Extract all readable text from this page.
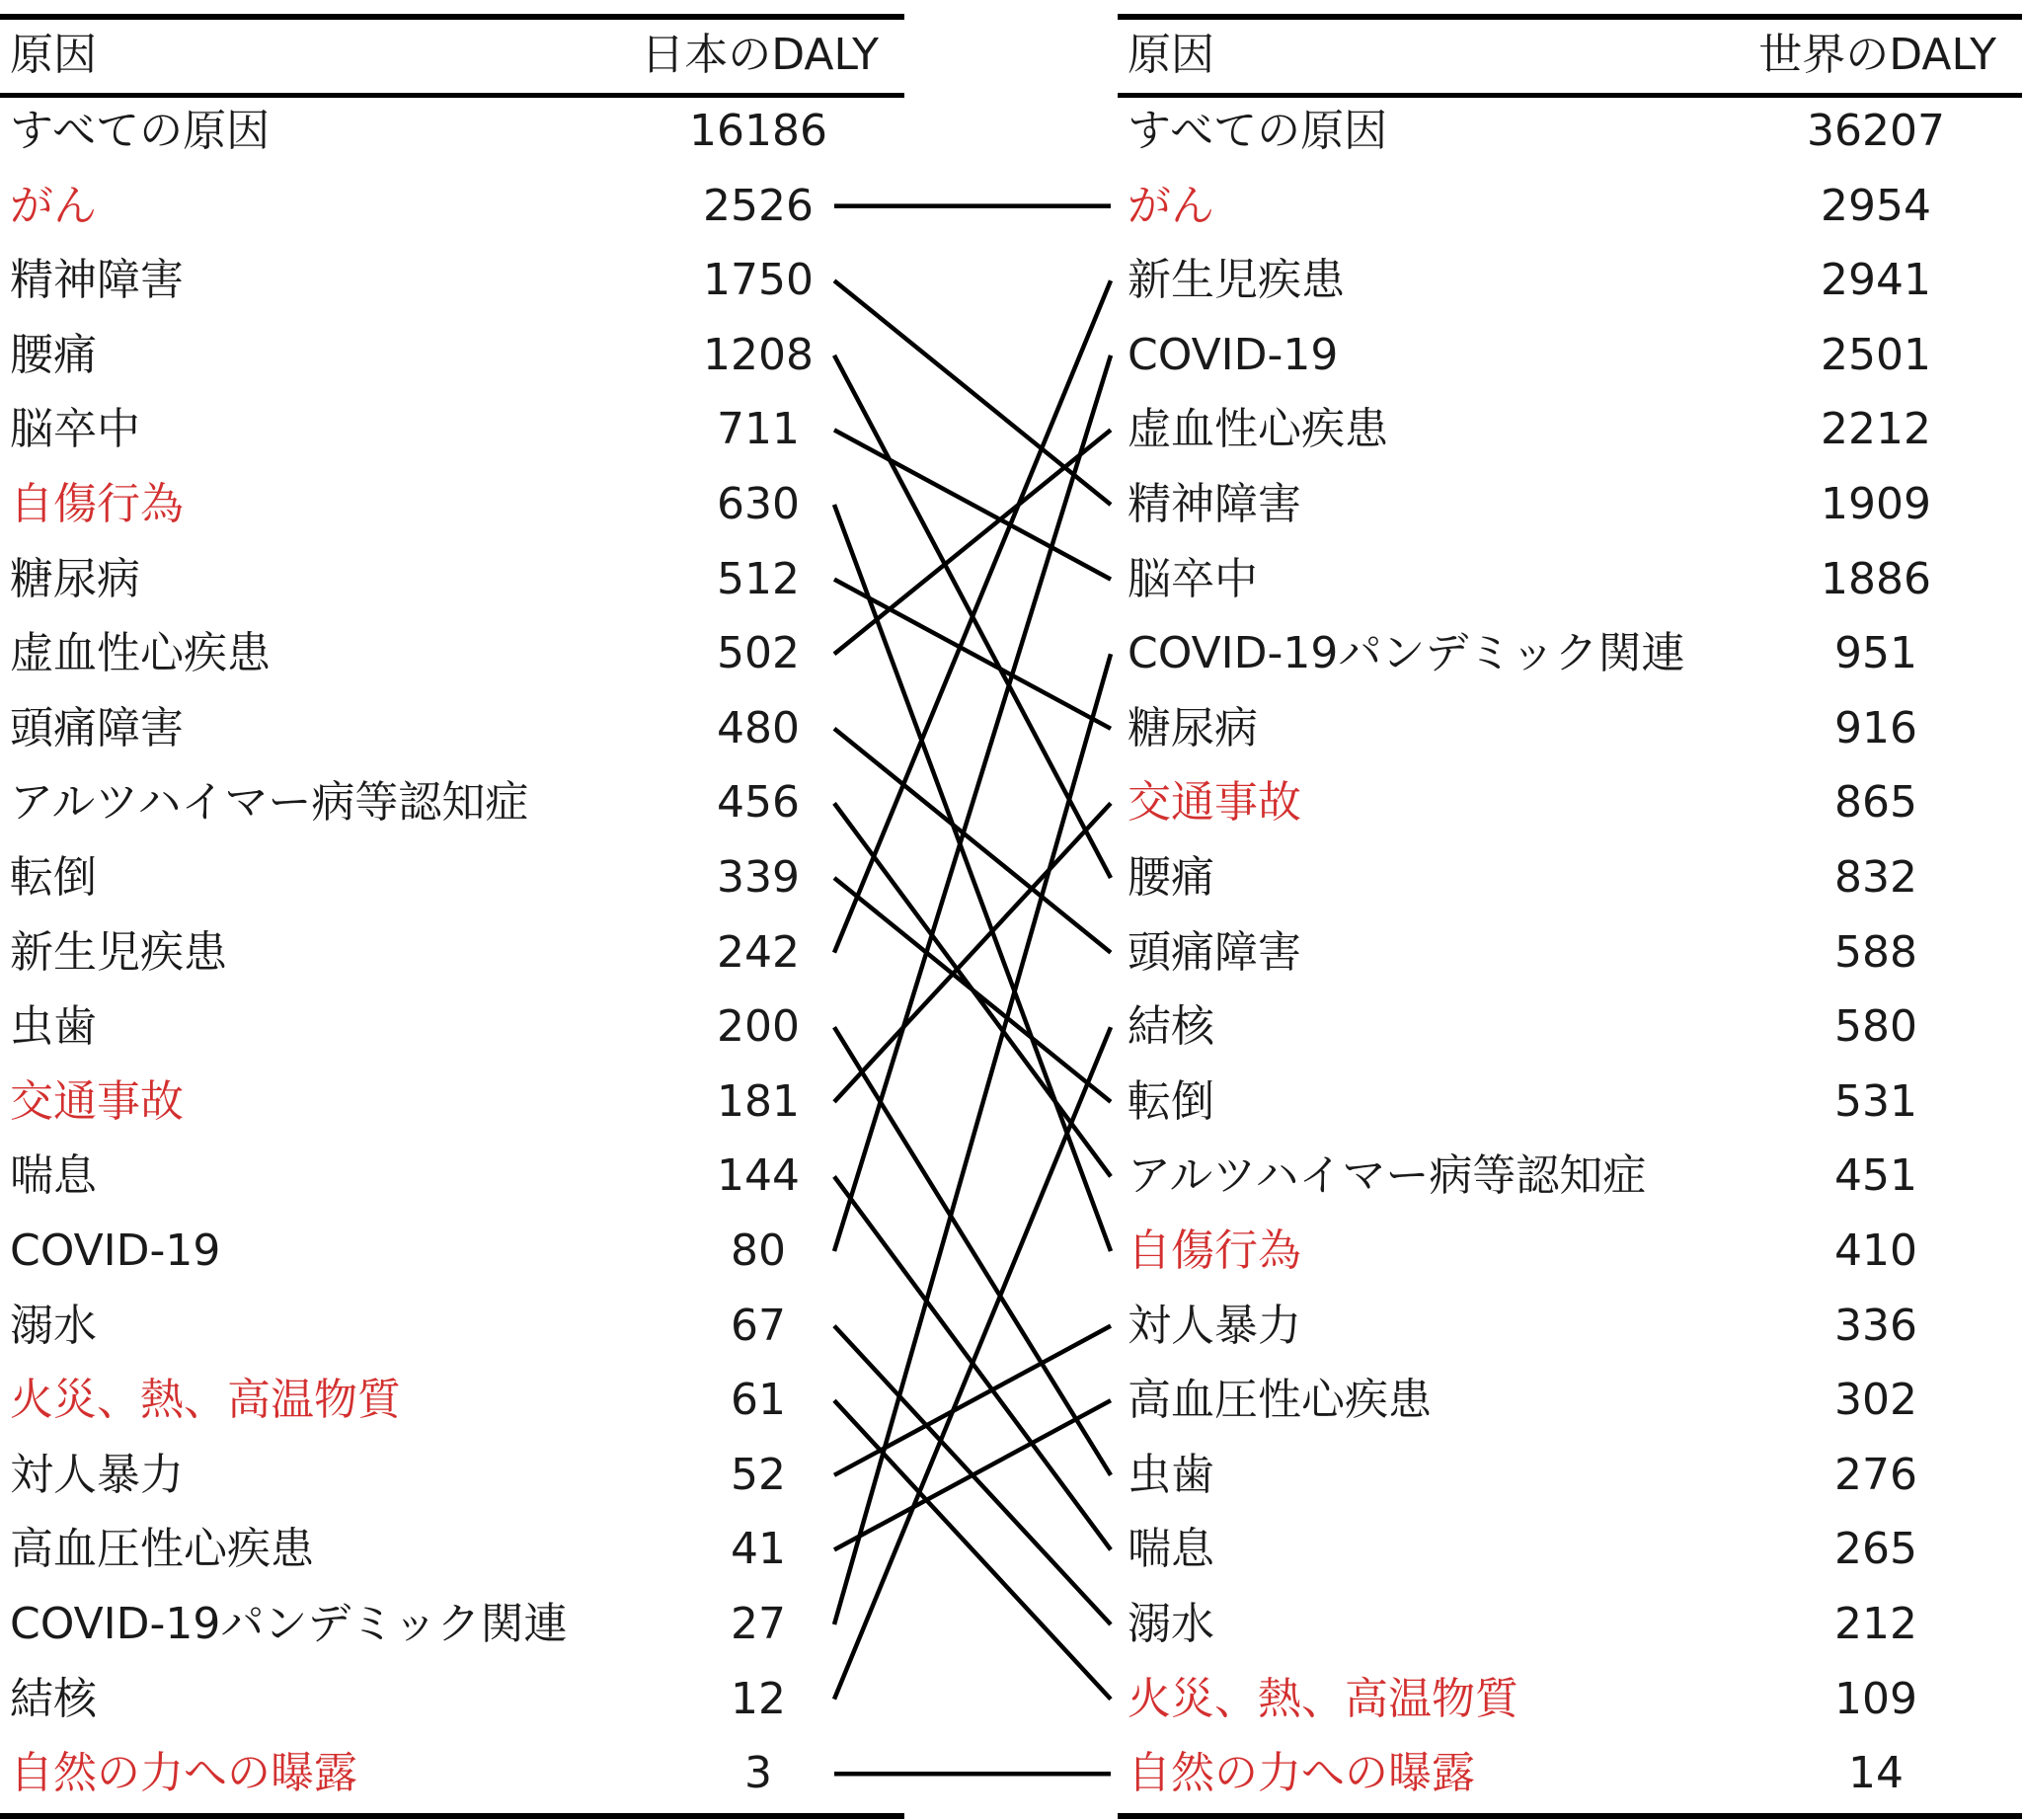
原因	日本のDALY
すべての原因	16186
がん	2526
精神障害	1750
腰痛	1208
脳卒中	711
自傷行為	630
糖尿病	512
虚血性心疾患	502
頭痛障害	480
アルツハイマー病等認知症	456
転倒	339
新生児疾患	242
虫歯	200
交通事故	181
喘息	144
COVID-19	80
溺水	67
火災、熱、高温物質	61
対人暴力	52
高血圧性心疾患	41
COVID-19パンデミック関連	27
結核	12
自然の力への曝露	3
原因	世界のDALY
すべての原因	36207
がん	2954
新生児疾患	2941
COVID-19	2501
虚血性心疾患	2212
精神障害	1909
脳卒中	1886
COVID-19パンデミック関連	951
糖尿病	916
交通事故	865
腰痛	832
頭痛障害	588
結核	580
転倒	531
アルツハイマー病等認知症	451
自傷行為	410
対人暴力	336
高血圧性心疾患	302
虫歯	276
喘息	265
溺水	212
火災、熱、高温物質	109
自然の力への曝露	14
